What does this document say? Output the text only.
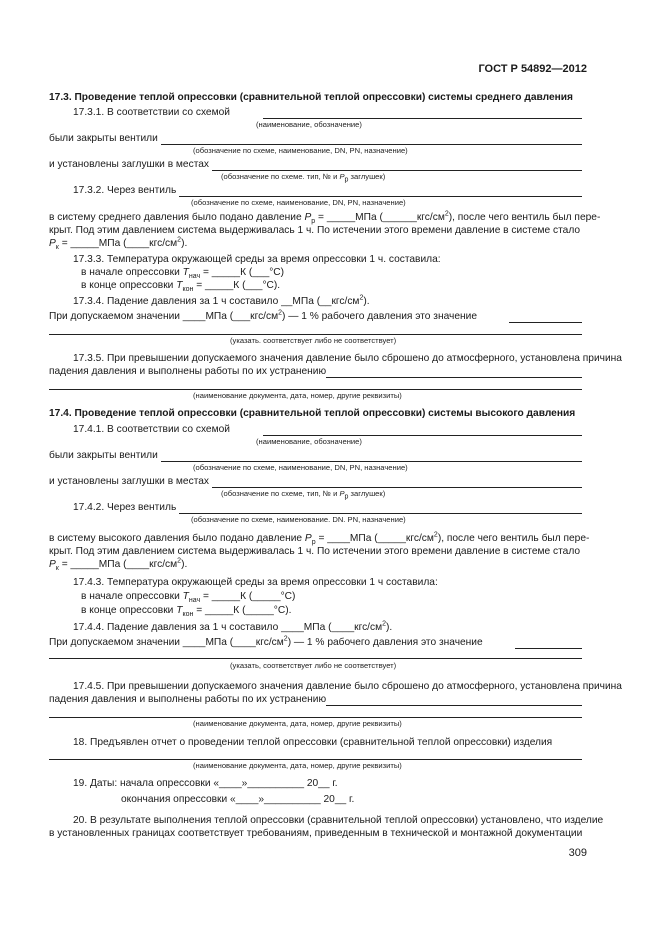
ГОСТ Р 54892—2012
17.3. Проведение теплой опрессовки (сравнительной теплой опрессовки) системы среднего давления
17.3.1. В соответствии со схемой
(наименование, обозначение)
были закрыты вентили
(обозначение по схеме, наименование, DN, PN, назначение)
и установлены заглушки в местах
(обозначение по схеме. тип, № и $P_р$ заглушек)
17.3.2. Через вентиль
(обозначение по схеме, наименование, DN, PN, назначение)
в систему среднего давления было подано давление $P_р$ = _____МПа $(\_\_\_\_\_\_кгс/см^2)$, после чего вентиль был пере-
крыт. Под этим давлением система выдерживалась 1 ч. По истечении этого времени давление в системе стало
$P_к$ = _____МПа $(\_\_\_\_кгс/см^2)$.
17.3.3. Температура окружающей среды за время опрессовки 1 ч. составила:
в начале опрессовки $T_{нач}$ = _____К (___°С)
в конце опрессовки $T_{кон}$ = _____К (___°С).
17.3.4. Падение давления за 1 ч составило __МПа $(\_\_кгс/см^2)$.
При допускаемом значении ____МПа $(\_\_\_кгс/см^2)$ — 1 % рабочего давления это значение
(указать. соответствует либо не соответствует)
17.3.5. При превышении допускаемого значения давление было сброшено до атмосферного, установлена причина
падения давления и выполнены работы по их устранению
(наименование документа, дата, номер, другие реквизиты)
17.4. Проведение теплой опрессовки (сравнительной теплой опрессовки) системы высокого давления
17.4.1. В соответствии со схемой
(наименование, обозначение)
были закрыты вентили
(обозначение по схеме, наименование, DN, PN, назначение)
и установлены заглушки в местах
(обозначение по схеме, тип, № и $P_р$ заглушек)
17.4.2. Через вентиль
(обозначение по схеме, наименование. DN. PN, назначение)
в систему высокого давления было подано давление $P_р$ = ____МПа $(\_\_\_\_\_кгс/см^2)$, после чего вентиль был пере-
крыт. Под этим давлением система выдерживалась 1 ч. По истечении этого времени давление в системе стало
$P_к$ = _____МПа $(\_\_\_\_кгс/см^2)$.
17.4.3. Температура окружающей среды за время опрессовки 1 ч составила:
в начале опрессовки $T_{нач}$ = _____К (_____°С)
в конце опрессовки $T_{кон}$ = _____К (_____°С).
17.4.4. Падение давления за 1 ч составило ____МПа $(\_\_\_\_кгс/см^2)$.
При допускаемом значении ____МПа $(\_\_\_\_кгс/см^2)$ — 1 % рабочего давления это значение
(указать, соответствует либо не соответствует)
17.4.5. При превышении допускаемого значения давление было сброшено до атмосферного, установлена причина
падения давления и выполнены работы по их устранению
(наименование документа, дата, номер, другие реквизиты)
18. Предъявлен отчет о проведении теплой опрессовки (сравнительной теплой опрессовки) изделия
(наименование документа, дата, номер, другие реквизиты)
19. Даты: начала опрессовки «____»__________ 20__ г.
окончания опрессовки «____»__________ 20__ г.
20. В результате выполнения теплой опрессовки (сравнительной теплой опрессовки) установлено, что изделие
в установленных границах соответствует требованиям, приведенным в технической и монтажной документации
309
